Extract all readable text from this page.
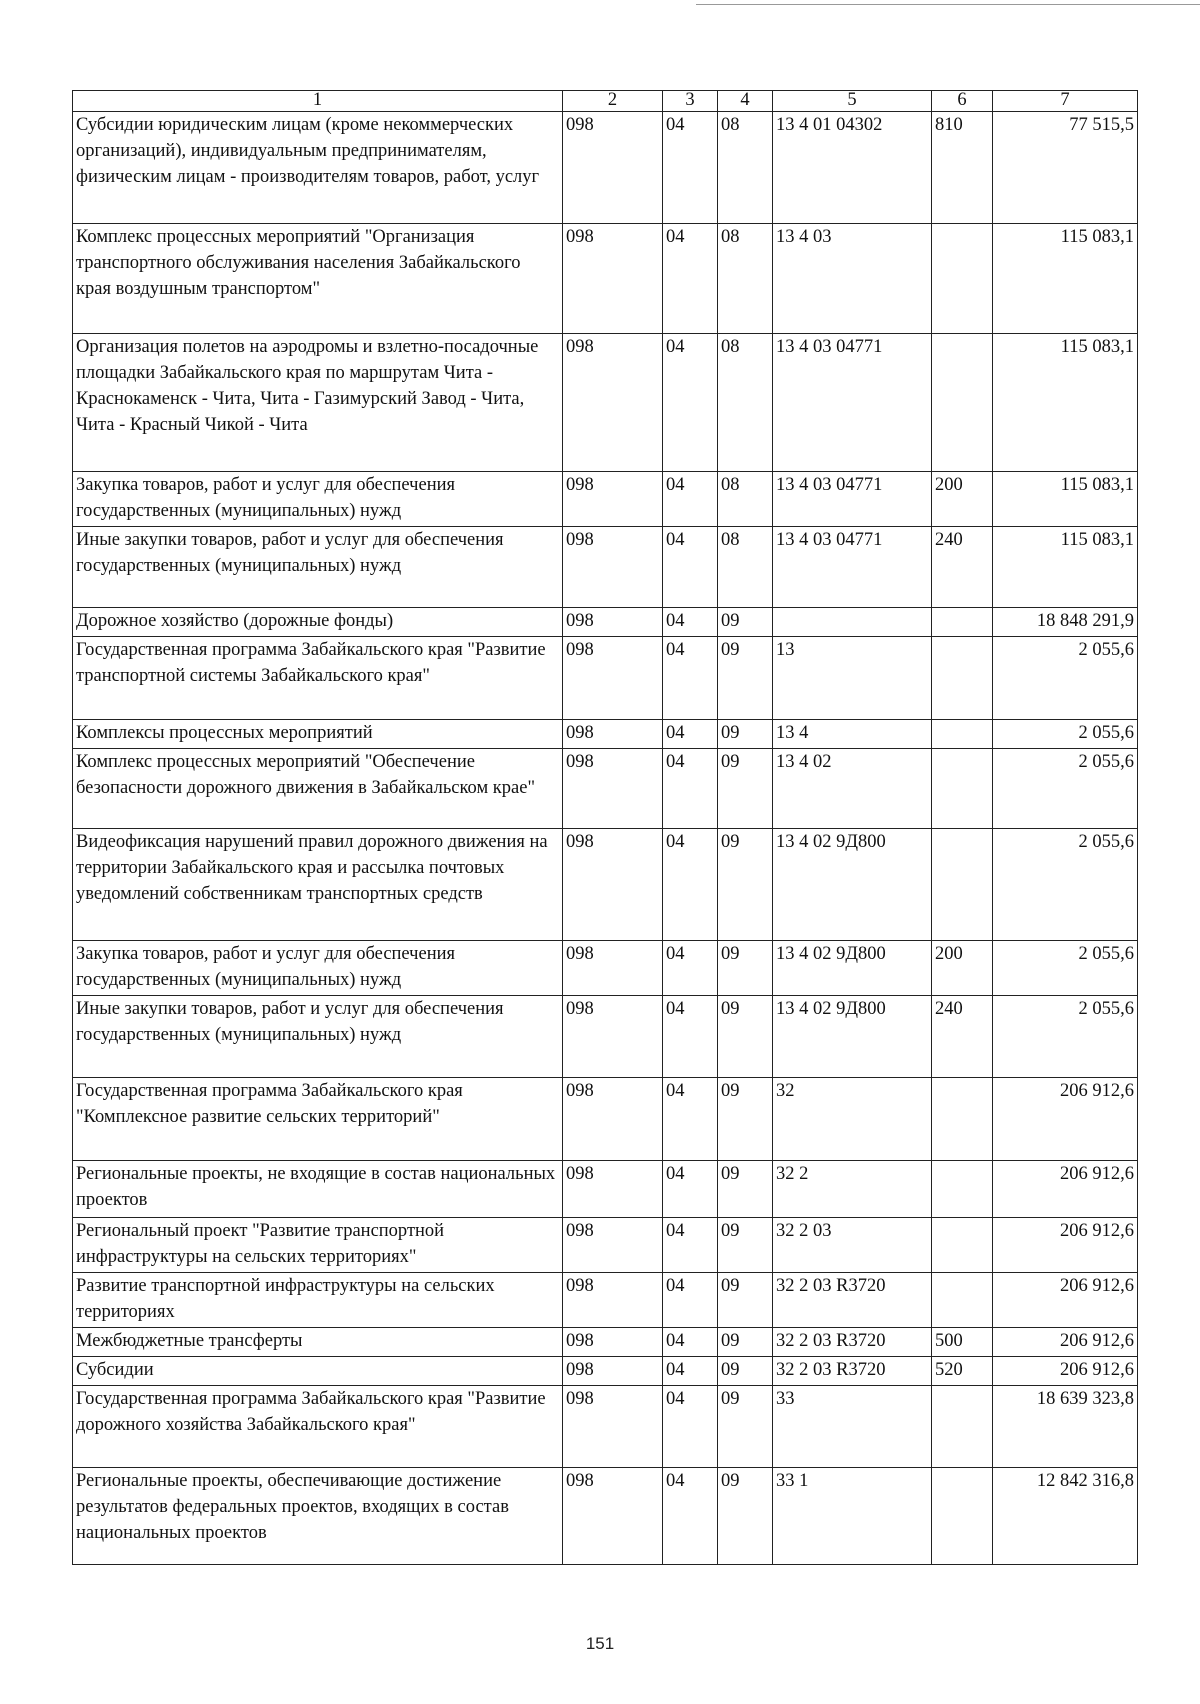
1	2	3	4	5	6	7
Субсидии юридическим лицам (кроме некоммерческих организаций), индивидуальным предпринимателям, физическим лицам - производителям товаров, работ, услуг	098	04	08	13 4 01 04302	810	77 515,5
Комплекс процессных мероприятий "Организация транспортного обслуживания населения Забайкальского края воздушным транспортом"	098	04	08	13 4 03		115 083,1
Организация полетов на аэродромы и взлетно-посадочные площадки Забайкальского края по маршрутам Чита - Краснокаменск - Чита, Чита - Газимурский Завод - Чита, Чита - Красный Чикой - Чита	098	04	08	13 4 03 04771		115 083,1
Закупка товаров, работ и услуг для обеспечения государственных (муниципальных) нужд	098	04	08	13 4 03 04771	200	115 083,1
Иные закупки товаров, работ и услуг для обеспечения государственных (муниципальных) нужд	098	04	08	13 4 03 04771	240	115 083,1
Дорожное хозяйство (дорожные фонды)	098	04	09			18 848 291,9
Государственная программа Забайкальского края "Развитие транспортной системы Забайкальского края"	098	04	09	13		2 055,6
Комплексы процессных мероприятий	098	04	09	13 4		2 055,6
Комплекс процессных мероприятий "Обеспечение безопасности дорожного движения в Забайкальском крае"	098	04	09	13 4 02		2 055,6
Видеофиксация нарушений правил дорожного движения на территории Забайкальского края и рассылка почтовых уведомлений собственникам транспортных средств	098	04	09	13 4 02 9Д800		2 055,6
Закупка товаров, работ и услуг для обеспечения государственных (муниципальных) нужд	098	04	09	13 4 02 9Д800	200	2 055,6
Иные закупки товаров, работ и услуг для обеспечения государственных (муниципальных) нужд	098	04	09	13 4 02 9Д800	240	2 055,6
Государственная программа Забайкальского края "Комплексное развитие сельских территорий"	098	04	09	32		206 912,6
Региональные проекты, не входящие в состав национальных проектов	098	04	09	32 2		206 912,6
Региональный проект "Развитие транспортной инфраструктуры на сельских территориях"	098	04	09	32 2 03		206 912,6
Развитие транспортной инфраструктуры на сельских территориях	098	04	09	32 2 03 R3720		206 912,6
Межбюджетные трансферты	098	04	09	32 2 03 R3720	500	206 912,6
Субсидии	098	04	09	32 2 03 R3720	520	206 912,6
Государственная программа Забайкальского края "Развитие дорожного хозяйства Забайкальского края"	098	04	09	33		18 639 323,8
Региональные проекты, обеспечивающие достижение результатов федеральных проектов, входящих в состав национальных проектов	098	04	09	33 1		12 842 316,8
151
